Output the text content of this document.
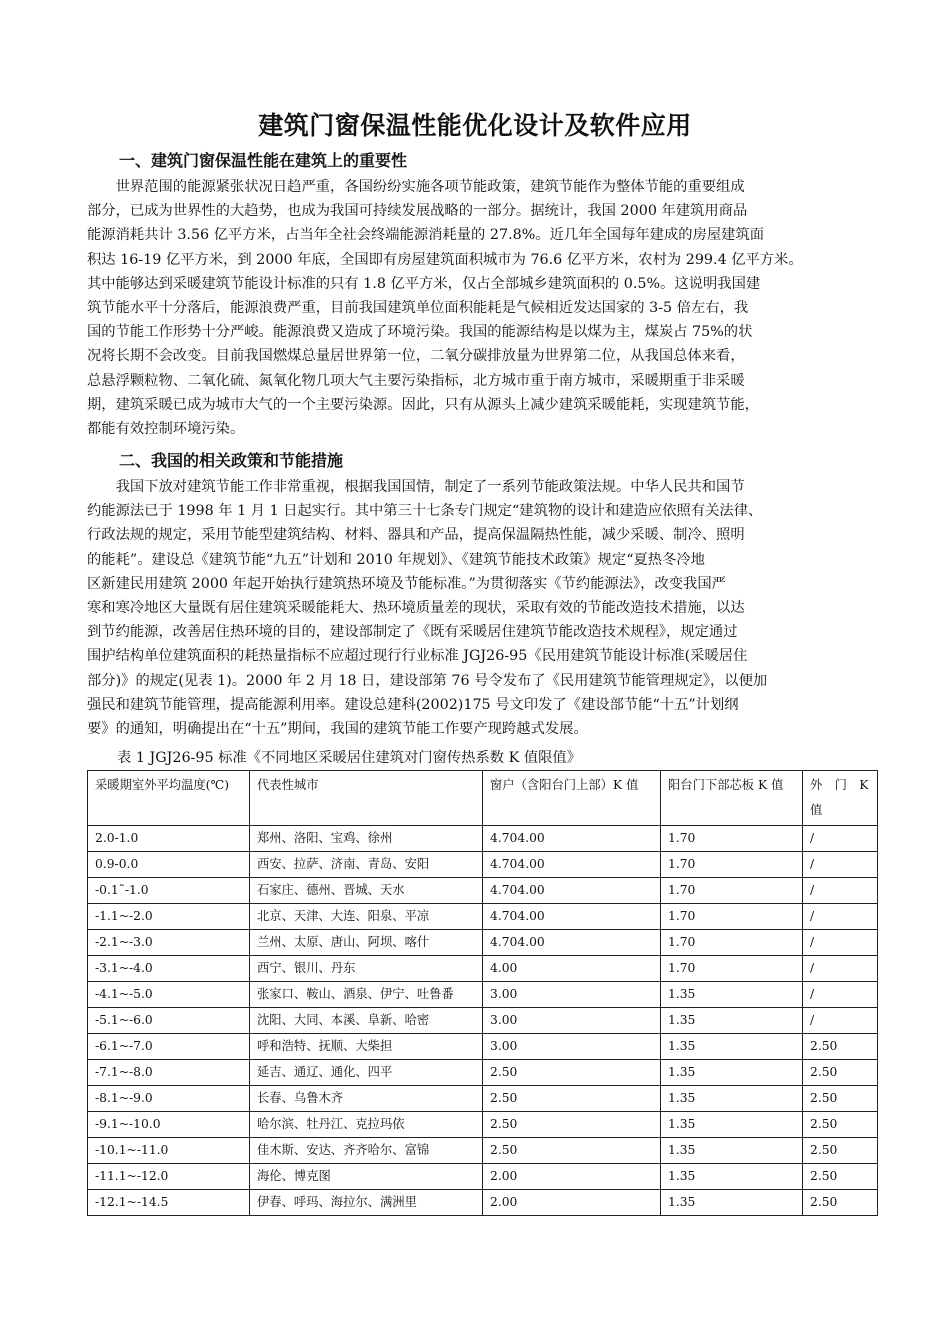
建筑门窗保温性能优化设计及软件应用
一、建筑门窗保温性能在建筑上的重要性
　　世界范围的能源紧张状况日趋严重，各国纷纷实施各项节能政策，建筑节能作为整体节能的重要组成
部分，已成为世界性的大趋势，也成为我国可持续发展战略的一部分。据统计，我国 2000 年建筑用商品
能源消耗共计 3.56 亿平方米，占当年全社会终端能源消耗量的 27.8%。近几年全国每年建成的房屋建筑面
积达 16-19 亿平方米，到 2000 年底，全国即有房屋建筑面积城市为 76.6 亿平方米，农村为 299.4 亿平方米。
其中能够达到采暖建筑节能设计标准的只有 1.8 亿平方米，仅占全部城乡建筑面积的 0.5%。这说明我国建
筑节能水平十分落后，能源浪费严重，目前我国建筑单位面积能耗是气候相近发达国家的 3-5 倍左右，我
国的节能工作形势十分严峻。能源浪费又造成了环境污染。我国的能源结构是以煤为主，煤炭占 75%的状
况将长期不会改变。目前我国燃煤总量居世界第一位，二氧分碳排放量为世界第二位，从我国总体来看，
总悬浮颗粒物、二氧化硫、氮氧化物几项大气主要污染指标，北方城市重于南方城市，采暖期重于非采暖
期，建筑采暖已成为城市大气的一个主要污染源。因此，只有从源头上减少建筑采暖能耗，实现建筑节能，
都能有效控制环境污染。
二、我国的相关政策和节能措施
　　我国下放对建筑节能工作非常重视，根据我国国情，制定了一系列节能政策法规。中华人民共和国节
约能源法已于 1998 年 1 月 1 日起实行。其中第三十七条专门规定“建筑物的设计和建造应依照有关法律、
行政法规的规定，采用节能型建筑结构、材料、器具和产品，提高保温隔热性能，减少采暖、制冷、照明
的能耗”。建设总《建筑节能“九五”计划和 2010 年规划》、《建筑节能技术政策》规定“夏热冬冷地
区新建民用建筑 2000 年起开始执行建筑热环境及节能标准。”为贯彻落实《节约能源法》，改变我国严
寒和寒冷地区大量既有居住建筑采暖能耗大、热环境质量差的现状，采取有效的节能改造技术措施，以达
到节约能源，改善居住热环境的目的，建设部制定了《既有采暖居住建筑节能改造技术规程》，规定通过
围护结构单位建筑面积的耗热量指标不应超过现行行业标准 JGJ26-95《民用建筑节能设计标准(采暖居住
部分)》的规定(见表 1)。2000 年 2 月 18 日，建设部第 76 号令发布了《民用建筑节能管理规定》，以便加
强民和建筑节能管理，提高能源利用率。建设总建科(2002)175 号文印发了《建设部节能“十五”计划纲
要》的通知，明确提出在“十五”期间，我国的建筑节能工作要产现跨越式发展。
表 1 JGJ26-95 标准《不同地区采暖居住建筑对门窗传热系数 K 值限值》
采暖期室外平均温度(℃)	代表性城市	窗户（含阳台门上部）K 值	阳台门下部芯板 K 值	外　门　K 值
2.0-1.0	郑州、洛阳、宝鸡、徐州	4.704.00	1.70	/
0.9-0.0	西安、拉萨、济南、青岛、安阳	4.704.00	1.70	/
-0.1˜-1.0	石家庄、德州、晋城、天水	4.704.00	1.70	/
-1.1~-2.0	北京、天津、大连、阳泉、平凉	4.704.00	1.70	/
-2.1~-3.0	兰州、太原、唐山、阿坝、喀什	4.704.00	1.70	/
-3.1~-4.0	西宁、银川、丹东	4.00	1.70	/
-4.1~-5.0	张家口、鞍山、酒泉、伊宁、吐鲁番	3.00	1.35	/
-5.1~-6.0	沈阳、大同、本溪、阜新、哈密	3.00	1.35	/
-6.1~-7.0	呼和浩特、抚顺、大柴担	3.00	1.35	2.50
-7.1~-8.0	延吉、通辽、通化、四平	2.50	1.35	2.50
-8.1~-9.0	长春、乌鲁木齐	2.50	1.35	2.50
-9.1~-10.0	哈尔滨、牡丹江、克拉玛依	2.50	1.35	2.50
-10.1~-11.0	佳木斯、安达、齐齐哈尔、富锦	2.50	1.35	2.50
-11.1~-12.0	海伦、博克图	2.00	1.35	2.50
-12.1~-14.5	伊春、呼玛、海拉尔、满洲里	2.00	1.35	2.50
